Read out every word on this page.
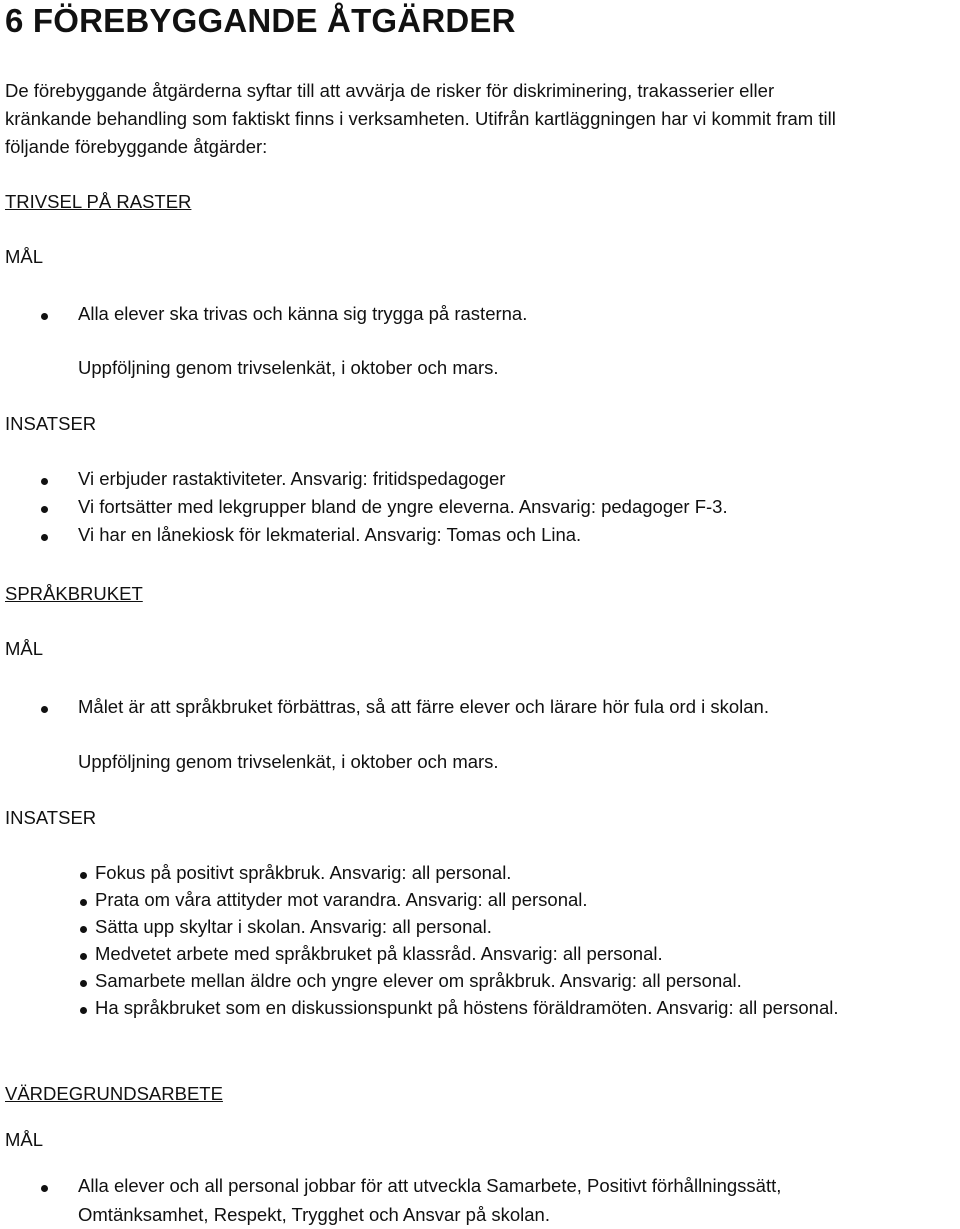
6 FÖREBYGGANDE ÅTGÄRDER
De förebyggande åtgärderna syftar till att avvärja de risker för diskriminering, trakasserier eller
kränkande behandling som faktiskt finns i verksamheten. Utifrån kartläggningen har vi kommit fram till
följande förebyggande åtgärder:
TRIVSEL PÅ RASTER
MÅL
Alla elever ska trivas och känna sig trygga på rasterna.
Uppföljning genom trivselenkät, i oktober och mars.
INSATSER
Vi erbjuder rastaktiviteter. Ansvarig: fritidspedagoger
Vi fortsätter med lekgrupper bland de yngre eleverna. Ansvarig: pedagoger F-3.
Vi har en lånekiosk för lekmaterial. Ansvarig: Tomas och Lina.
SPRÅKBRUKET
MÅL
Målet är att språkbruket förbättras, så att färre elever och lärare hör fula ord i skolan.
Uppföljning genom trivselenkät, i oktober och mars.
INSATSER
Fokus på positivt språkbruk. Ansvarig: all personal.
Prata om våra attityder mot varandra. Ansvarig: all personal.
Sätta upp skyltar i skolan. Ansvarig: all personal.
Medvetet arbete med språkbruket på klassråd. Ansvarig: all personal.
Samarbete mellan äldre och yngre elever om språkbruk. Ansvarig: all personal.
Ha språkbruket som en diskussionspunkt på höstens föräldramöten. Ansvarig: all personal.
VÄRDEGRUNDSARBETE
MÅL
Alla elever och all personal jobbar för att utveckla Samarbete, Positivt förhållningssätt,
Omtänksamhet, Respekt, Trygghet och Ansvar på skolan.
